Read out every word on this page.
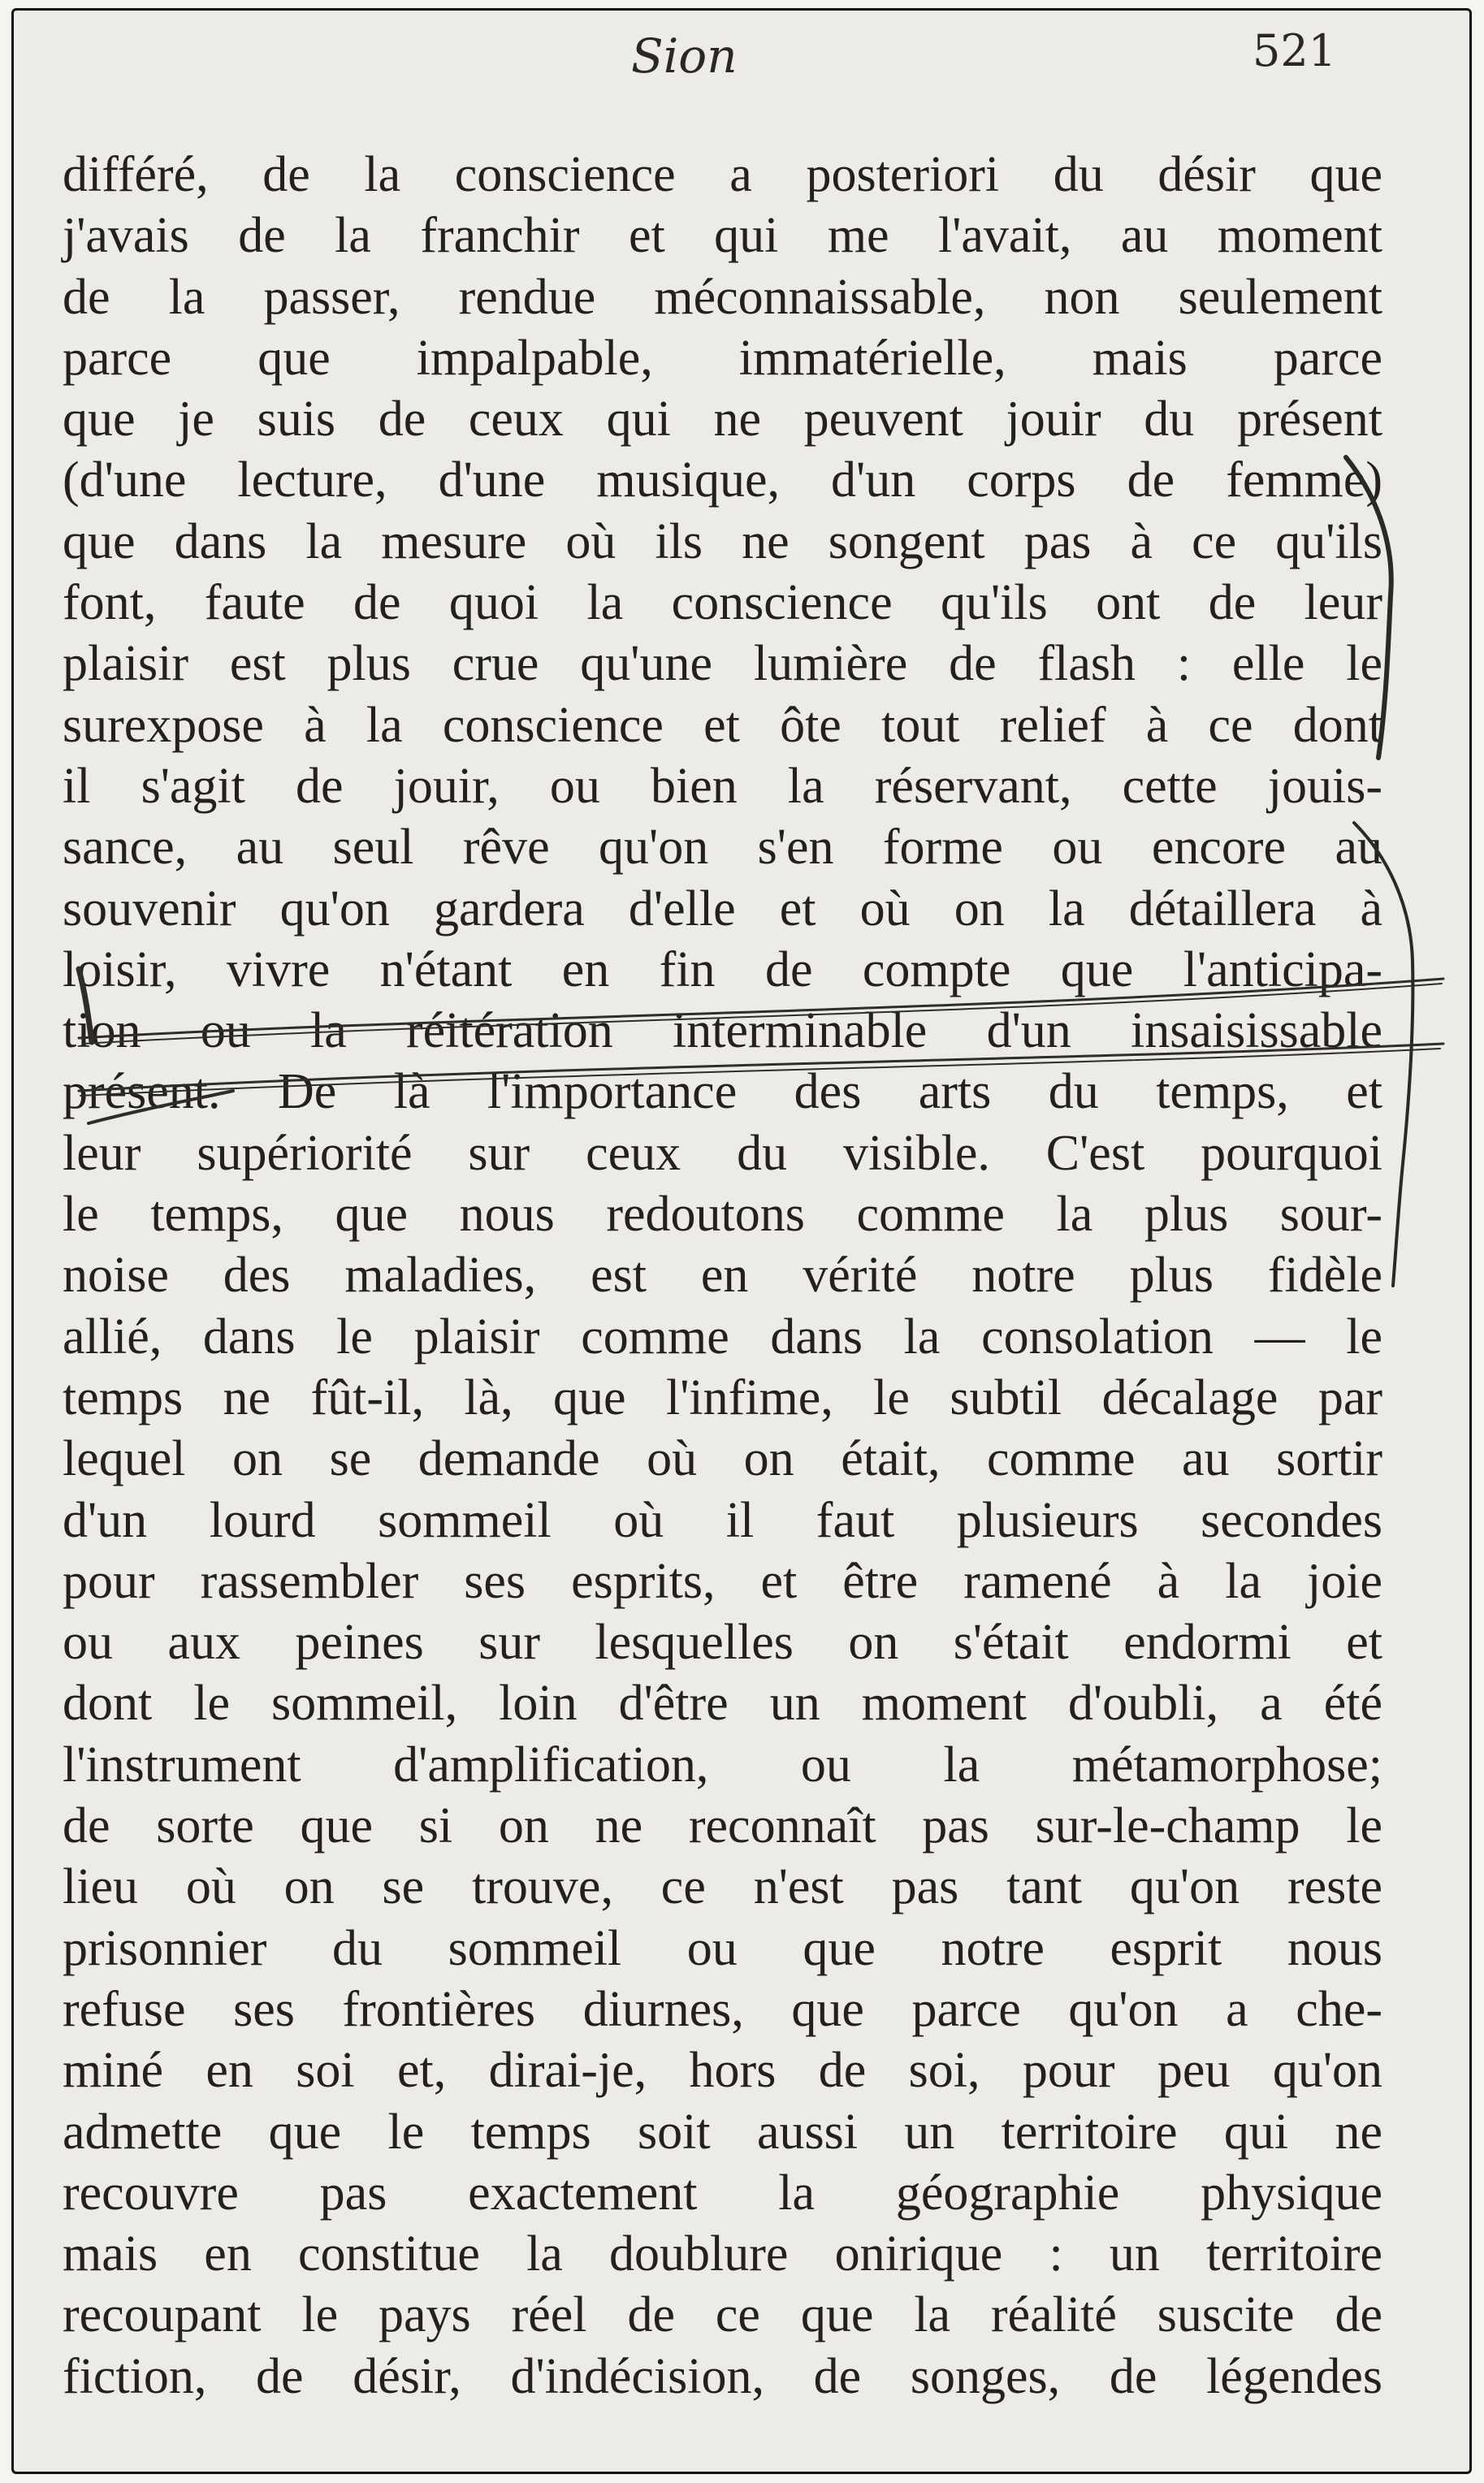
Sion	521
différé, de la conscience a posteriori du désir que
j'avais de la franchir et qui me l'avait, au moment
de la passer, rendue méconnaissable, non seulement
parce que impalpable, immatérielle, mais parce
que je suis de ceux qui ne peuvent jouir du présent
(d'une lecture, d'une musique, d'un corps de femme)
que dans la mesure où ils ne songent pas à ce qu'ils
font, faute de quoi la conscience qu'ils ont de leur
plaisir est plus crue qu'une lumière de flash : elle le
surexpose à la conscience et ôte tout relief à ce dont
il s'agit de jouir, ou bien la réservant, cette jouis-
sance, au seul rêve qu'on s'en forme ou encore au
souvenir qu'on gardera d'elle et où on la détaillera à
loisir, vivre n'étant en fin de compte que l'anticipa-
tion ou la réitération interminable d'un insaisissable
présent. De là l'importance des arts du temps, et
leur supériorité sur ceux du visible. C'est pourquoi
le temps, que nous redoutons comme la plus sour-
noise des maladies, est en vérité notre plus fidèle
allié, dans le plaisir comme dans la consolation — le
temps ne fût-il, là, que l'infime, le subtil décalage par
lequel on se demande où on était, comme au sortir
d'un lourd sommeil où il faut plusieurs secondes
pour rassembler ses esprits, et être ramené à la joie
ou aux peines sur lesquelles on s'était endormi et
dont le sommeil, loin d'être un moment d'oubli, a été
l'instrument d'amplification, ou la métamorphose;
de sorte que si on ne reconnaît pas sur-le-champ le
lieu où on se trouve, ce n'est pas tant qu'on reste
prisonnier du sommeil ou que notre esprit nous
refuse ses frontières diurnes, que parce qu'on a che-
miné en soi et, dirai-je, hors de soi, pour peu qu'on
admette que le temps soit aussi un territoire qui ne
recouvre pas exactement la géographie physique
mais en constitue la doublure onirique : un territoire
recoupant le pays réel de ce que la réalité suscite de
fiction, de désir, d'indécision, de songes, de légendes
